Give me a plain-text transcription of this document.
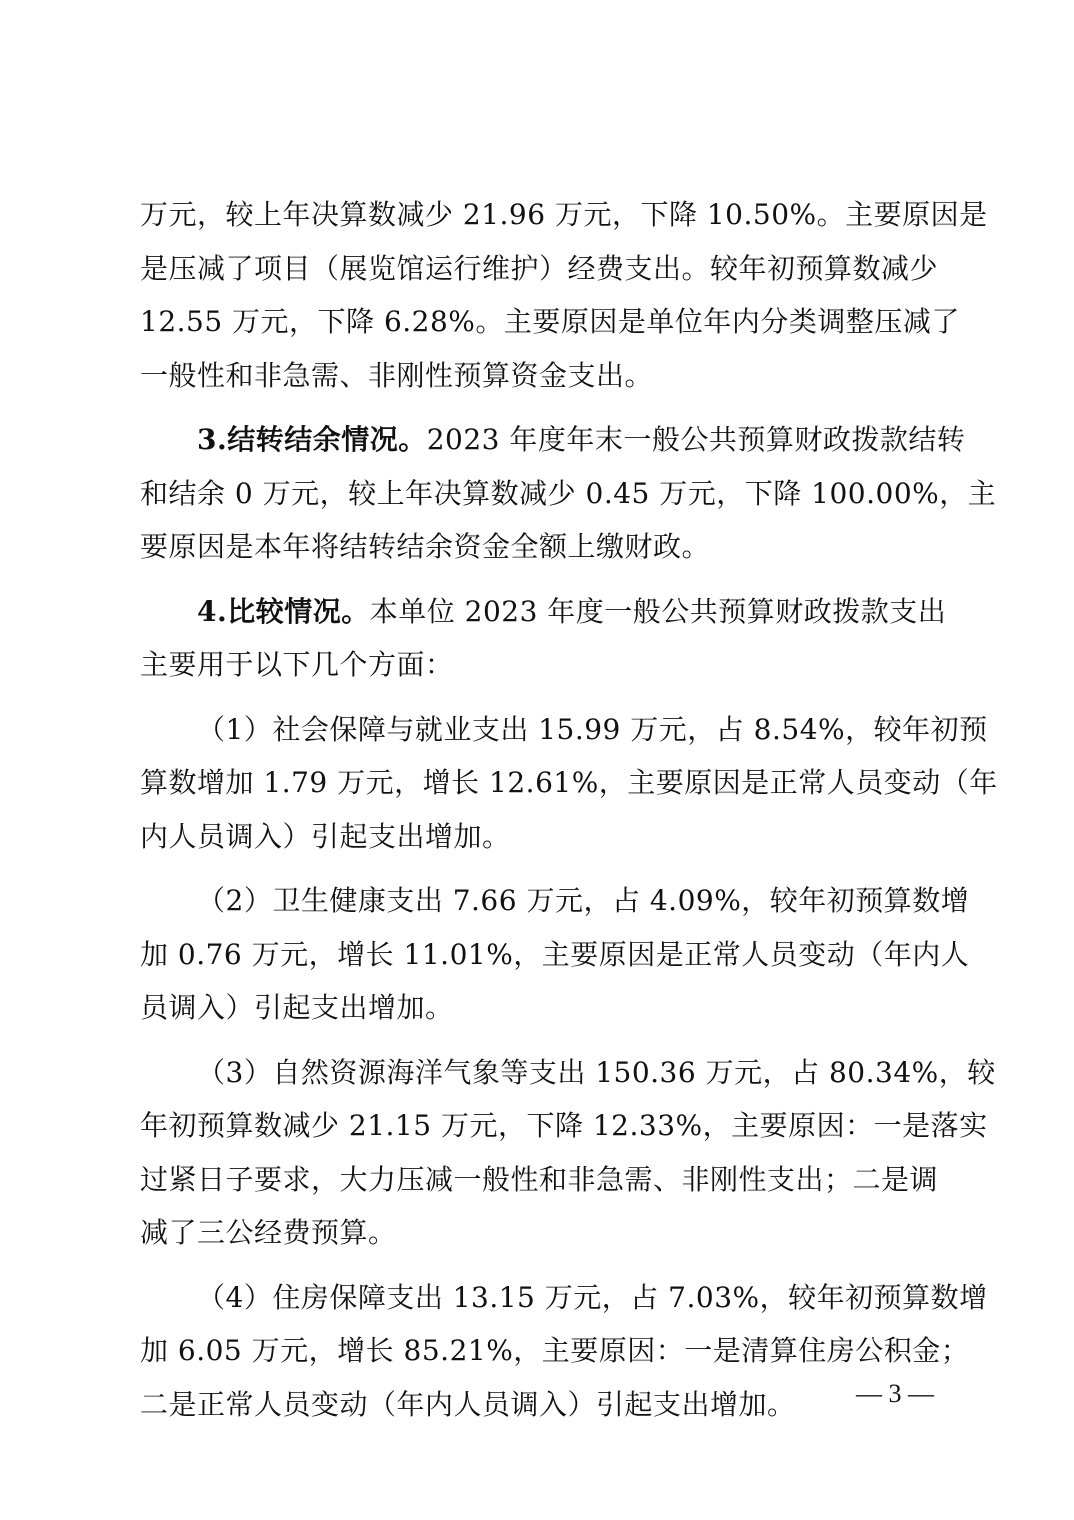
万元，较上年决算数减少 21.96 万元，下降 10.50%。主要原因是
是压减了项目（展览馆运行维护）经费支出。较年初预算数减少
12.55 万元，下降 6.28%。主要原因是单位年内分类调整压减了
一般性和非急需、非刚性预算资金支出。
3.结转结余情况。2023 年度年末一般公共预算财政拨款结转
和结余 0 万元，较上年决算数减少 0.45 万元，下降 100.00%，主
要原因是本年将结转结余资金全额上缴财政。
4.比较情况。本单位 2023 年度一般公共预算财政拨款支出
主要用于以下几个方面：
（1）社会保障与就业支出 15.99 万元，占 8.54%，较年初预
算数增加 1.79 万元，增长 12.61%，主要原因是正常人员变动（年
内人员调入）引起支出增加。
（2）卫生健康支出 7.66 万元，占 4.09%，较年初预算数增
加 0.76 万元，增长 11.01%，主要原因是正常人员变动（年内人
员调入）引起支出增加。
（3）自然资源海洋气象等支出 150.36 万元，占 80.34%，较
年初预算数减少 21.15 万元，下降 12.33%，主要原因：一是落实
过紧日子要求，大力压减一般性和非急需、非刚性支出；二是调
减了三公经费预算。
（4）住房保障支出 13.15 万元，占 7.03%，较年初预算数增
加 6.05 万元，增长 85.21%，主要原因：一是清算住房公积金；
二是正常人员变动（年内人员调入）引起支出增加。	— 3 —
